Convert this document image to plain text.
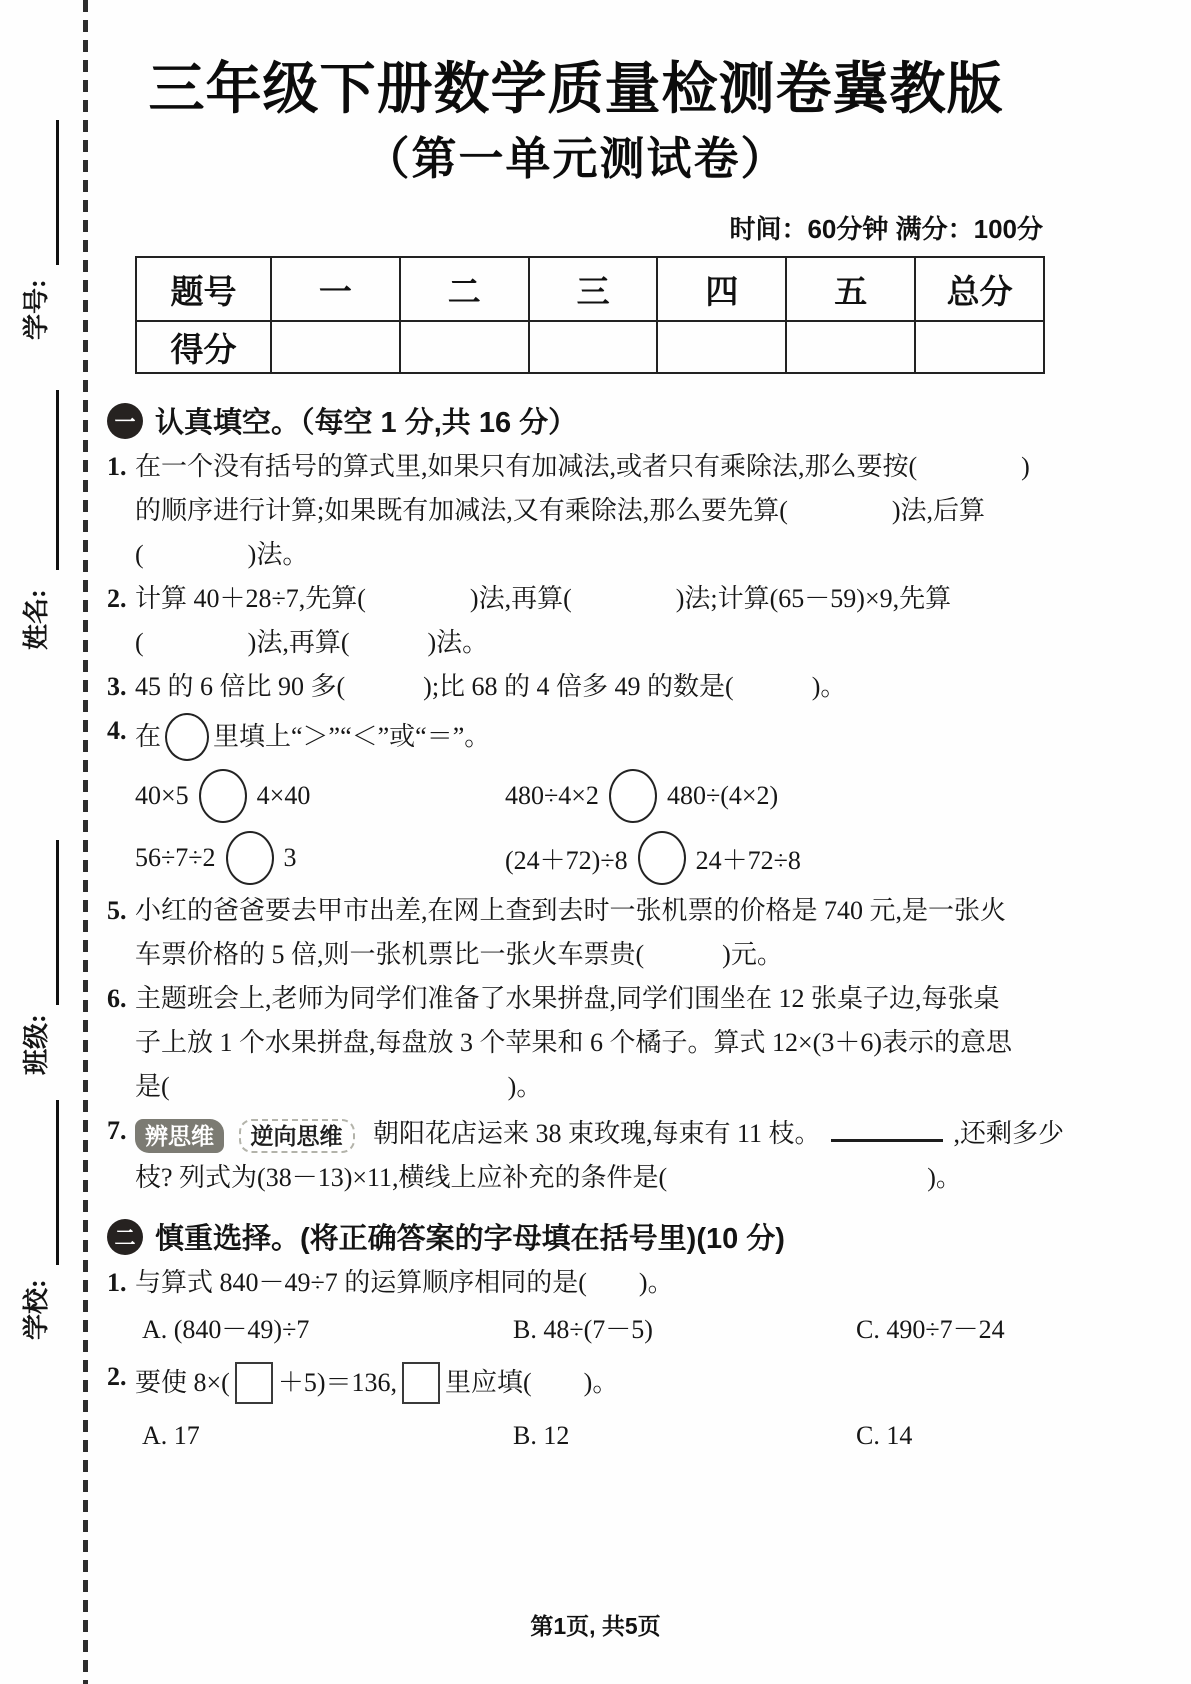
学号:
姓名:
班级:
学校:
三年级下册数学质量检测卷冀教版
（第一单元测试卷）
时间：60分钟 满分：100分
题号	一	二	三	四	五	总分
得分						
一 认真填空。（每空 1 分,共 16 分）
1. 在一个没有括号的算式里,如果只有加减法,或者只有乘除法,那么要按(　　　　)
的顺序进行计算;如果既有加减法,又有乘除法,那么要先算(　　　　)法,后算
(　　　　)法。
2. 计算 40＋28÷7,先算(　　　　)法,再算(　　　　)法;计算(65－59)×9,先算
(　　　　)法,再算(　　　)法。
3. 45 的 6 倍比 90 多(　　　);比 68 的 4 倍多 49 的数是(　　　)。
4. 在 里填上“＞”“＜”或“＝”。
40×5	4×40	480÷4×2	480÷(4×2)
56÷7÷2	3	(24＋72)÷8	24＋72÷8
5. 小红的爸爸要去甲市出差,在网上查到去时一张机票的价格是 740 元,是一张火
车票价格的 5 倍,则一张机票比一张火车票贵(　　　)元。
6. 主题班会上,老师为同学们准备了水果拼盘,同学们围坐在 12 张桌子边,每张桌
子上放 1 个水果拼盘,每盘放 3 个苹果和 6 个橘子。算式 12×(3＋6)表示的意思
是(　　　　　　　　　　　　　)。
7. 辨思维 逆向思维 朝阳花店运来 38 束玫瑰,每束有 11 枝。	,还剩多少
枝? 列式为(38－13)×11,横线上应补充的条件是(　　　　　　　　　　)。
二 慎重选择。(将正确答案的字母填在括号里)(10 分)
1. 与算式 840－49÷7 的运算顺序相同的是(　　)。
A. (840－49)÷7	B. 48÷(7－5)	C. 490÷7－24
2. 要使 8×( ＋5)＝136, 里应填(　　)。
A. 17	B. 12	C. 14
第1页, 共5页
